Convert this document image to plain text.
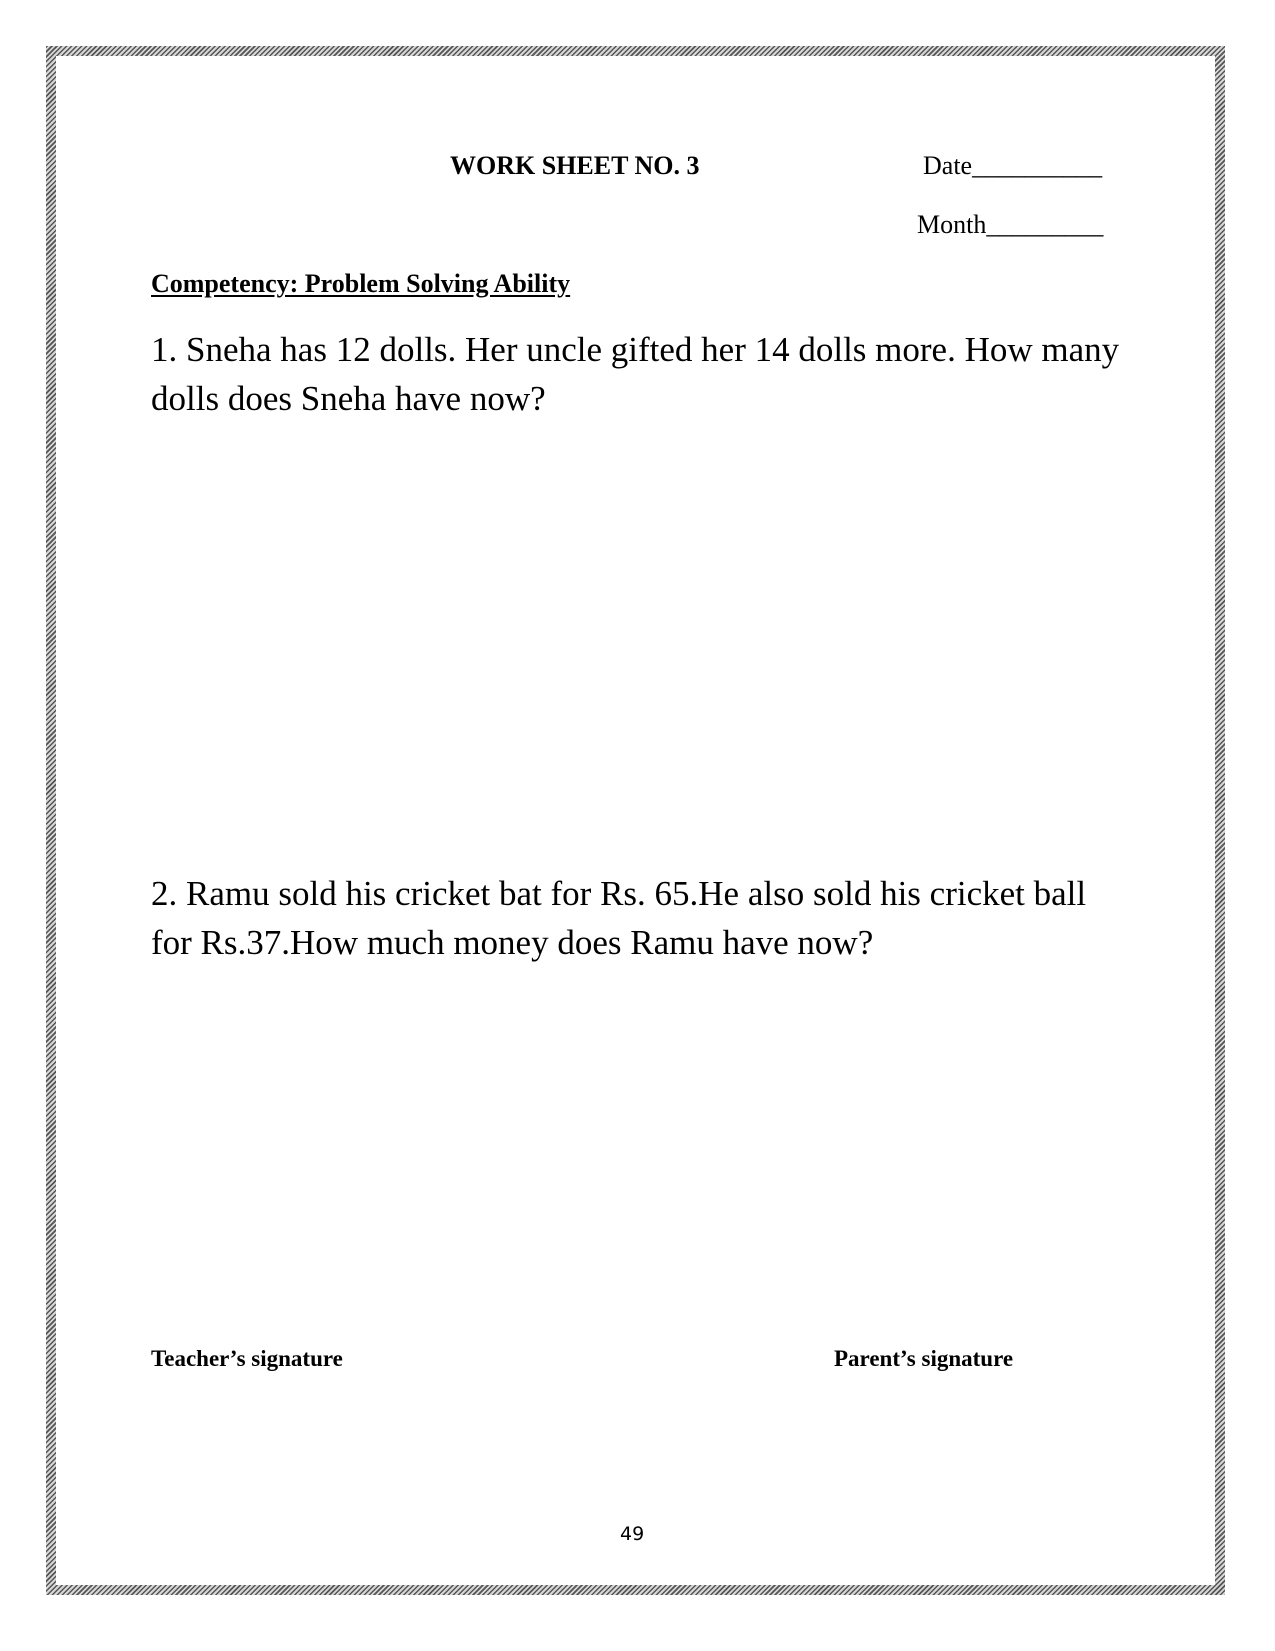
WORK SHEET NO. 3	Date__________
Month_________
Competency: Problem Solving Ability
1. Sneha has 12 dolls. Her uncle gifted her 14 dolls more. How many dolls does Sneha have now?
2. Ramu sold his cricket bat for Rs. 65.He also sold his cricket ball for Rs.37.How much money does Ramu have now?
Teacher’s signature	Parent’s signature
49
